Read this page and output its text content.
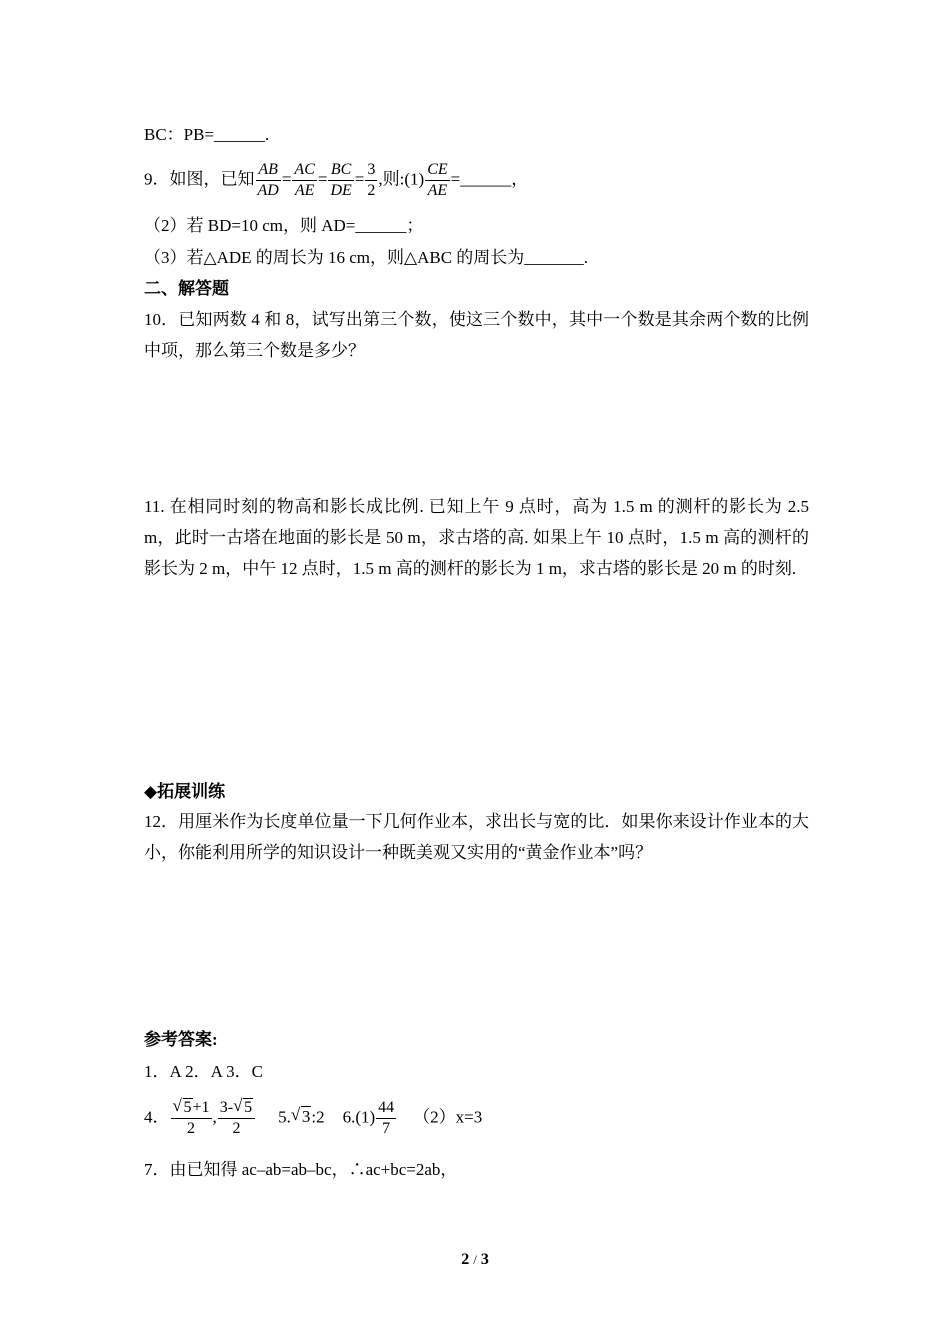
BC：PB=______.
9．如图，已知 $\frac{AB}{AD} = \frac{AC}{AE} = \frac{BC}{DE} = \frac{3}{2}$ ,则:(1) $\frac{CE}{AE}$ =______，
（2）若 BD=10 cm，则 AD=______；
（3）若△ADE 的周长为 16 cm，则△ABC 的周长为_______.
二、解答题
10．已知两数 4 和 8，试写出第三个数，使这三个数中，其中一个数是其余两个数的比例中项，那么第三个数是多少？
11. 在相同时刻的物高和影长成比例. 已知上午 9 点时，高为 1.5 m 的测杆的影长为 2.5 m，此时一古塔在地面的影长是 50 m，求古塔的高. 如果上午 10 点时，1.5 m 高的测杆的影长为 2 m，中午 12 点时，1.5 m 高的测杆的影长为 1 m，求古塔的影长是 20 m 的时刻.
◆拓展训练
12．用厘米作为长度单位量一下几何作业本，求出长与宽的比．如果你来设计作业本的大小，你能利用所学的知识设计一种既美观又实用的“黄金作业本”吗？
参考答案:
1．A 2．A 3．C
4． $\frac{√ 5+1}{2}$ , $\frac{3- √ 5}{2} 5$. √ 3:2 $6.(1) \frac{44}{7} (2)x=3$
7．由已知得 ac–ab=ab–bc，∴ac+bc=2ab，
2 / 3
